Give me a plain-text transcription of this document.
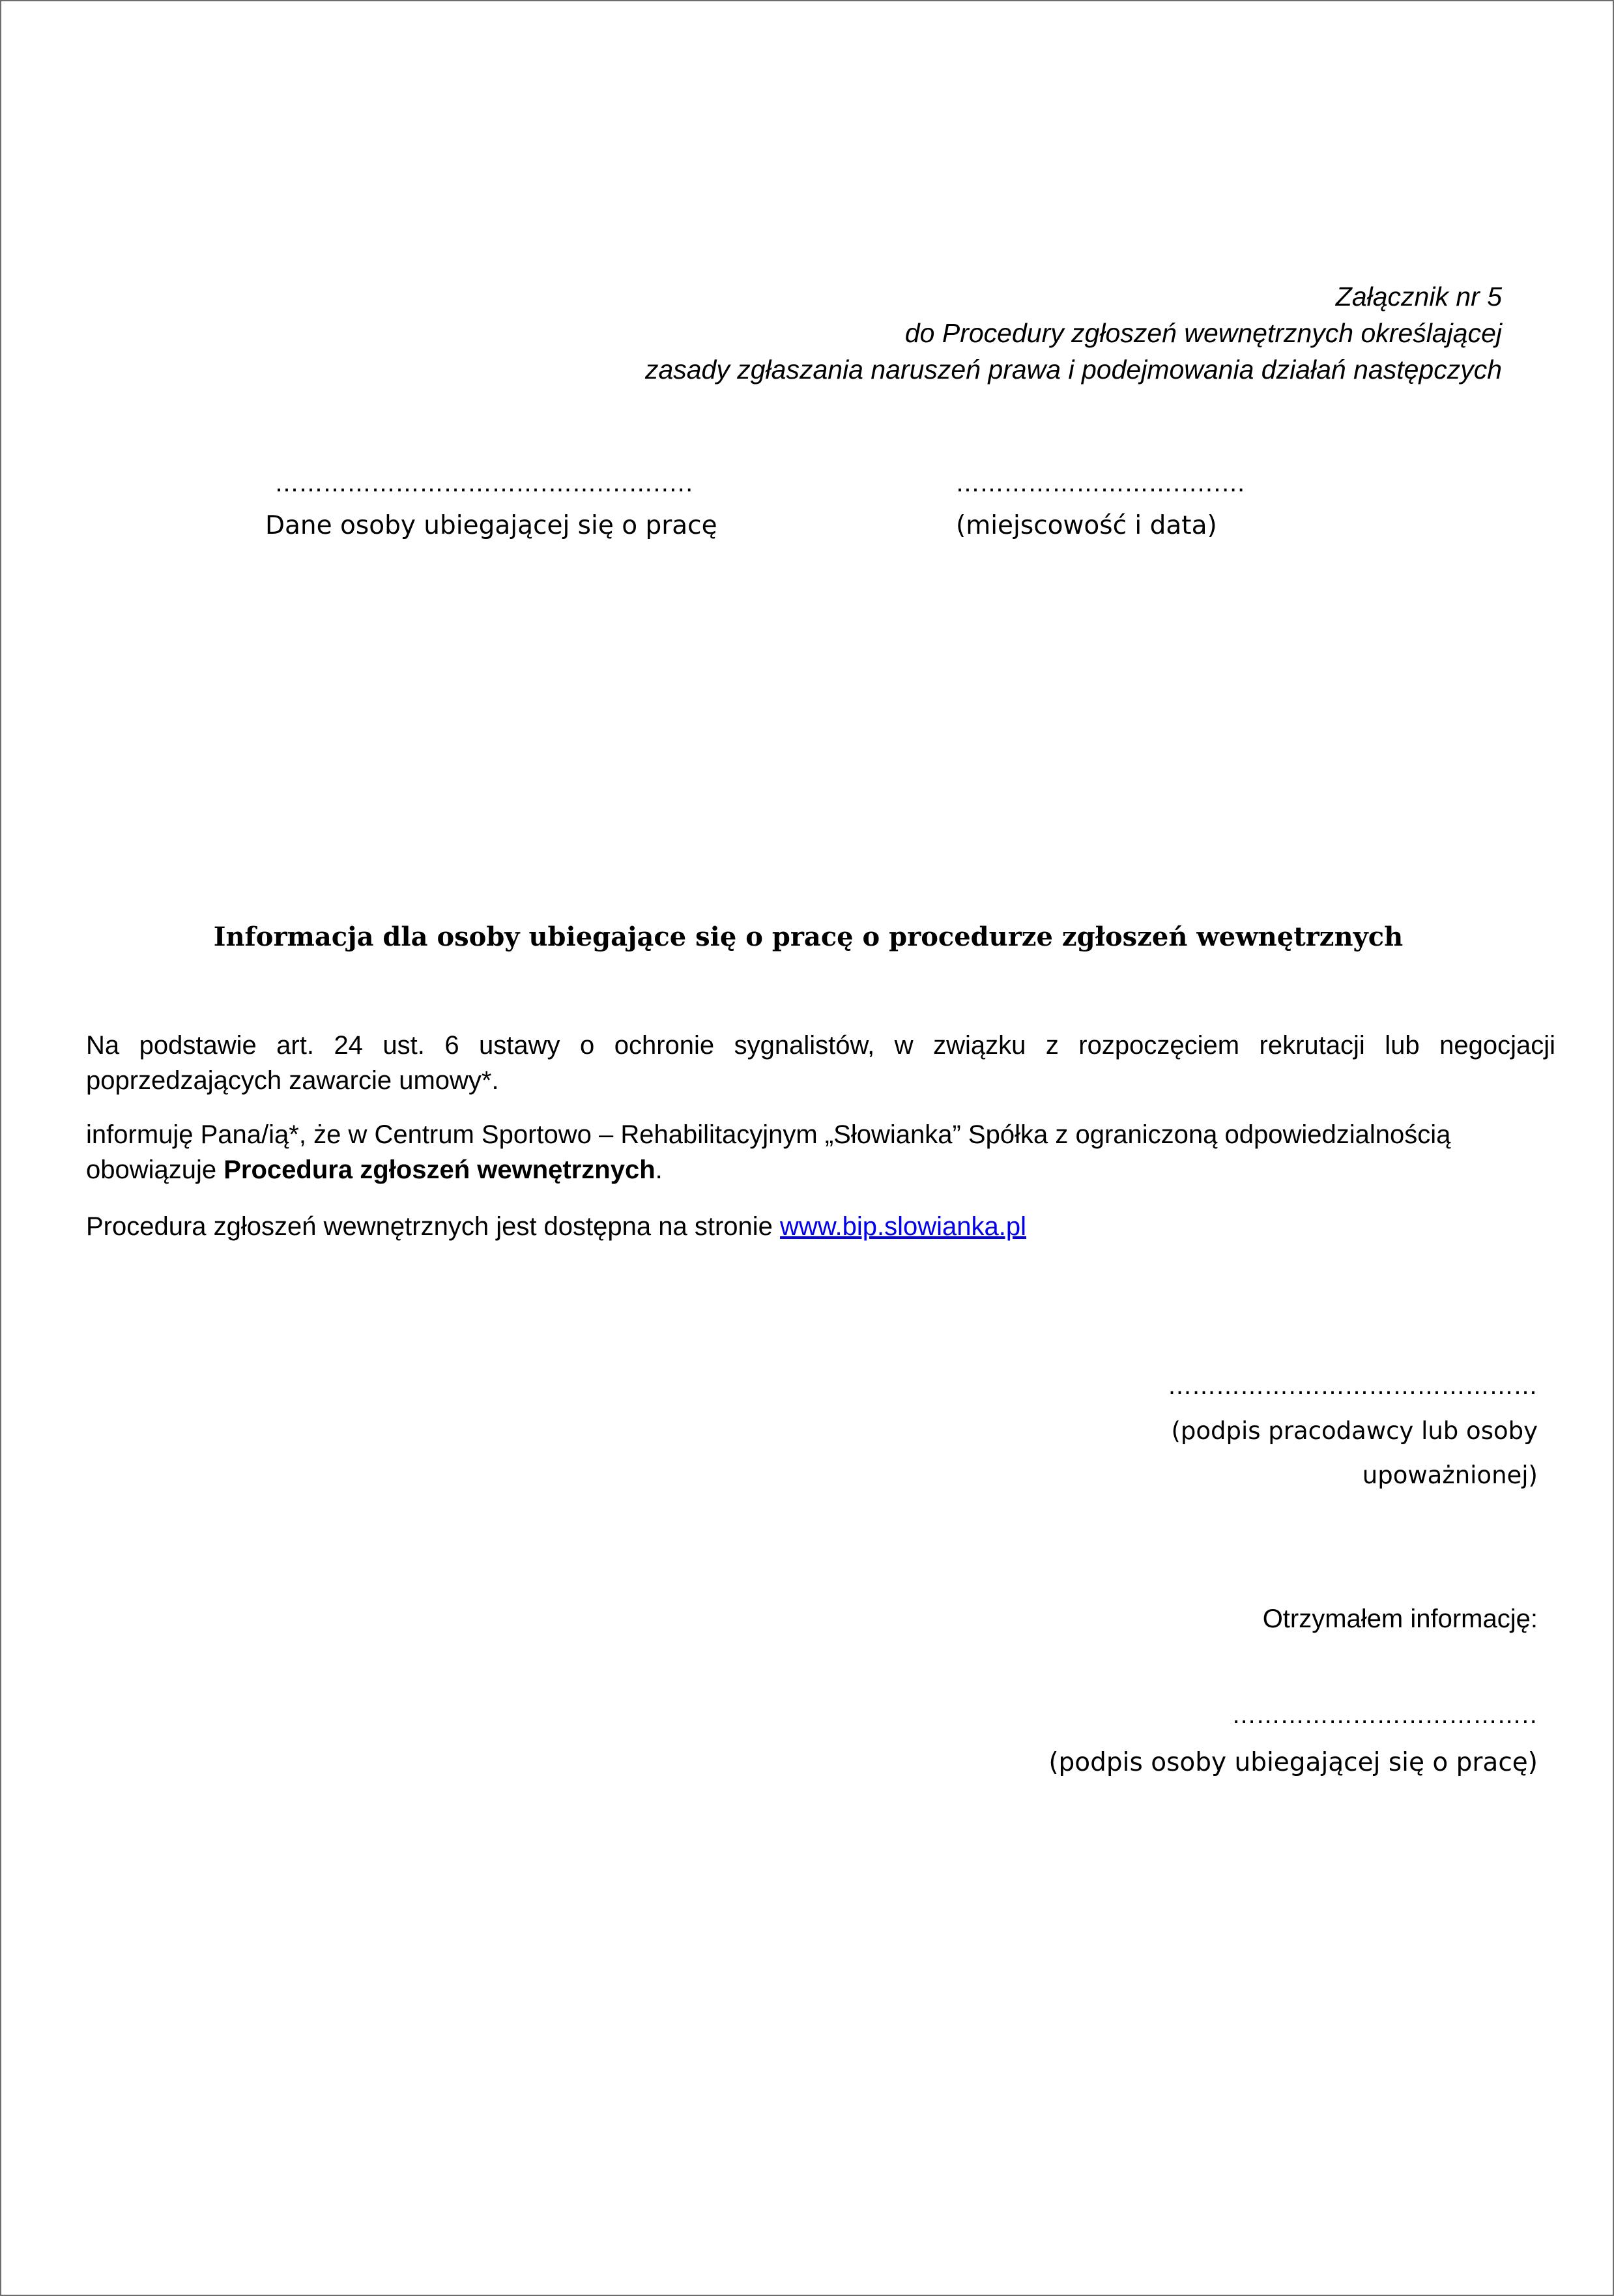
Załącznik nr 5
do Procedury zgłoszeń wewnętrznych określającej
zasady zgłaszania naruszeń prawa i podejmowania działań następczych
…………………………….……....….....
Dane osoby ubiegającej się o pracę
………………………......…
(miejscowość i data)
Informacja dla osoby ubiegające się o pracę o procedurze zgłoszeń wewnętrznych

Na podstawie art. 24 ust. 6 ustawy o ochronie sygnalistów, w związku z rozpoczęciem rekrutacji lub negocjacji poprzedzających zawarcie umowy*.

informuję Pana/ią*, że w Centrum Sportowo – Rehabilitacyjnym „Słowianka” Spółka z ograniczoną odpowiedzialnością obowiązuje Procedura zgłoszeń wewnętrznych.

Procedura zgłoszeń wewnętrznych jest dostępna na stronie www.bip.slowianka.pl

…………….…………………………
(podpis pracodawcy lub osoby
upoważnionej)
Otrzymałem informację:
………………………………..
(podpis osoby ubiegającej się o pracę)
